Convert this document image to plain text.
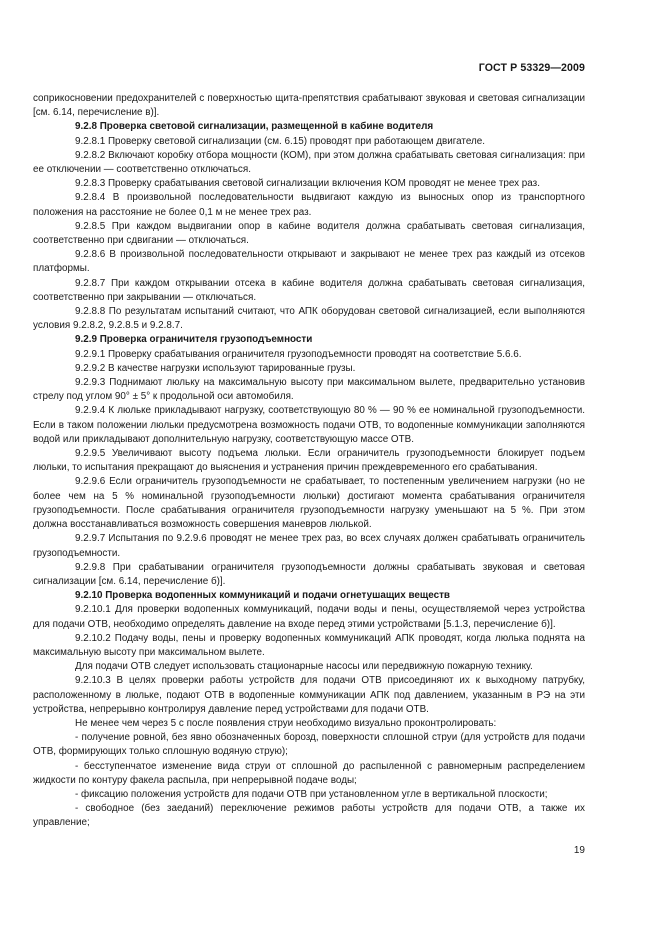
ГОСТ Р 53329—2009

соприкосновении предохранителей с поверхностью щита-препятствия срабатывают звуковая и световая сигнализации [см. 6.14, перечисление в)].

9.2.8 Проверка световой сигнализации, размещенной в кабине водителя

9.2.8.1 Проверку световой сигнализации (см. 6.15) проводят при работающем двигателе.

9.2.8.2 Включают коробку отбора мощности (КОМ), при этом должна срабатывать световая сигнализация: при ее отключении — соответственно отключаться.

9.2.8.3 Проверку срабатывания световой сигнализации включения КОМ проводят не менее трех раз.

9.2.8.4 В произвольной последовательности выдвигают каждую из выносных опор из транспортного положения на расстояние не более 0,1 м не менее трех раз.

9.2.8.5 При каждом выдвигании опор в кабине водителя должна срабатывать световая сигнализация, соответственно при сдвигании — отключаться.

9.2.8.6 В произвольной последовательности открывают и закрывают не менее трех раз каждый из отсеков платформы.

9.2.8.7 При каждом открывании отсека в кабине водителя должна срабатывать световая сигнализация, соответственно при закрывании — отключаться.

9.2.8.8 По результатам испытаний считают, что АПК оборудован световой сигнализацией, если выполняются условия 9.2.8.2, 9.2.8.5 и 9.2.8.7.

9.2.9 Проверка ограничителя грузоподъемности

9.2.9.1 Проверку срабатывания ограничителя грузоподъемности проводят на соответствие 5.6.6.

9.2.9.2 В качестве нагрузки используют тарированные грузы.

9.2.9.3 Поднимают люльку на максимальную высоту при максимальном вылете, предварительно установив стрелу под углом 90° ± 5° к продольной оси автомобиля.

9.2.9.4 К люльке прикладывают нагрузку, соответствующую 80 % — 90 % ее номинальной грузоподъемности. Если в таком положении люльки предусмотрена возможность подачи ОТВ, то водопенные коммуникации заполняются водой или прикладывают дополнительную нагрузку, соответствующую массе ОТВ.

9.2.9.5 Увеличивают высоту подъема люльки. Если ограничитель грузоподъемности блокирует подъем люльки, то испытания прекращают до выяснения и устранения причин преждевременного его срабатывания.

9.2.9.6 Если ограничитель грузоподъемности не срабатывает, то постепенным увеличением нагрузки (но не более чем на 5 % номинальной грузоподъемности люльки) достигают момента срабатывания ограничителя грузоподъемности. После срабатывания ограничителя грузоподъемности нагрузку уменьшают на 5 %. При этом должна восстанавливаться возможность совершения маневров люлькой.

9.2.9.7 Испытания по 9.2.9.6 проводят не менее трех раз, во всех случаях должен срабатывать ограничитель грузоподъемности.

9.2.9.8 При срабатывании ограничителя грузоподъемности должны срабатывать звуковая и световая сигнализации [см. 6.14, перечисление б)].

9.2.10 Проверка водопенных коммуникаций и подачи огнетушащих веществ

9.2.10.1 Для проверки водопенных коммуникаций, подачи воды и пены, осуществляемой через устройства для подачи ОТВ, необходимо определять давление на входе перед этими устройствами [5.1.3, перечисление б)].

9.2.10.2 Подачу воды, пены и проверку водопенных коммуникаций АПК проводят, когда люлька поднята на максимальную высоту при максимальном вылете.

Для подачи ОТВ следует использовать стационарные насосы или передвижную пожарную технику.

9.2.10.3 В целях проверки работы устройств для подачи ОТВ присоединяют их к выходному патрубку, расположенному в люльке, подают ОТВ в водопенные коммуникации АПК под давлением, указанным в РЭ на эти устройства, непрерывно контролируя давление перед устройствами для подачи ОТВ.

Не менее чем через 5 с после появления струи необходимо визуально проконтролировать:

- получение ровной, без явно обозначенных борозд, поверхности сплошной струи (для устройств для подачи ОТВ, формирующих только сплошную водяную струю);

- бесступенчатое изменение вида струи от сплошной до распыленной с равномерным распределением жидкости по контуру факела распыла, при непрерывной подаче воды;

- фиксацию положения устройств для подачи ОТВ при установленном угле в вертикальной плоскости;

- свободное (без заеданий) переключение режимов работы устройств для подачи ОТВ, а также их управление;

19
